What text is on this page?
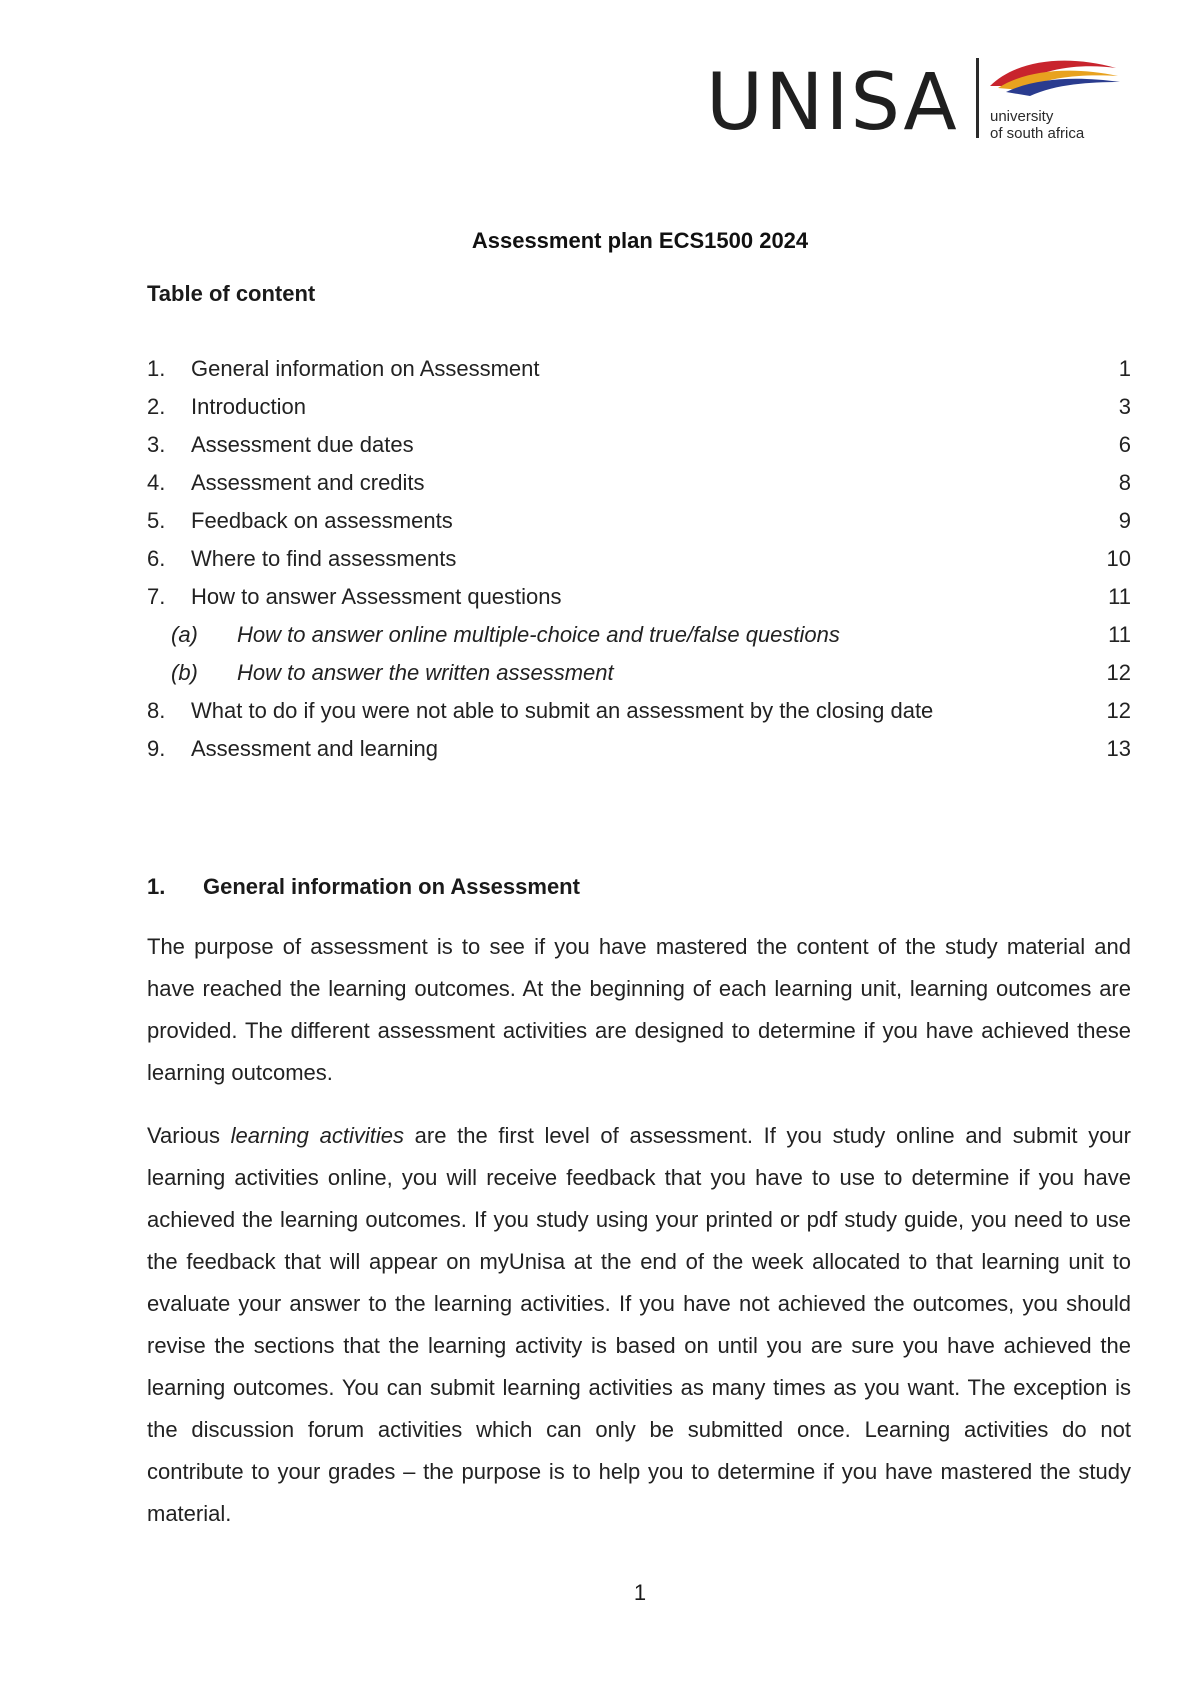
UNISA university
of south africa
Assessment plan ECS1500 2024
Table of content
1. General information on Assessment	1
2. Introduction	3
3. Assessment due dates	6
4. Assessment and credits	8
5. Feedback on assessments	9
6. Where to find assessments	10
7. How to answer Assessment questions	11
(a) How to answer online multiple-choice and true/false questions	11
(b) How to answer the written assessment	12
8. What to do if you were not able to submit an assessment by the closing date	12
9. Assessment and learning	13
1. General information on Assessment

The purpose of assessment is to see if you have mastered the content of the study material and have reached the learning outcomes. At the beginning of each learning unit, learning outcomes are provided. The different assessment activities are designed to determine if you have achieved these learning outcomes.

Various learning activities are the first level of assessment. If you study online and submit your learning activities online, you will receive feedback that you have to use to determine if you have achieved the learning outcomes. If you study using your printed or pdf study guide, you need to use the feedback that will appear on myUnisa at the end of the week allocated to that learning unit to evaluate your answer to the learning activities. If you have not achieved the outcomes, you should revise the sections that the learning activity is based on until you are sure you have achieved the learning outcomes. You can submit learning activities as many times as you want. The exception is the discussion forum activities which can only be submitted once. Learning activities do not contribute to your grades – the purpose is to help you to determine if you have mastered the study material.

1
